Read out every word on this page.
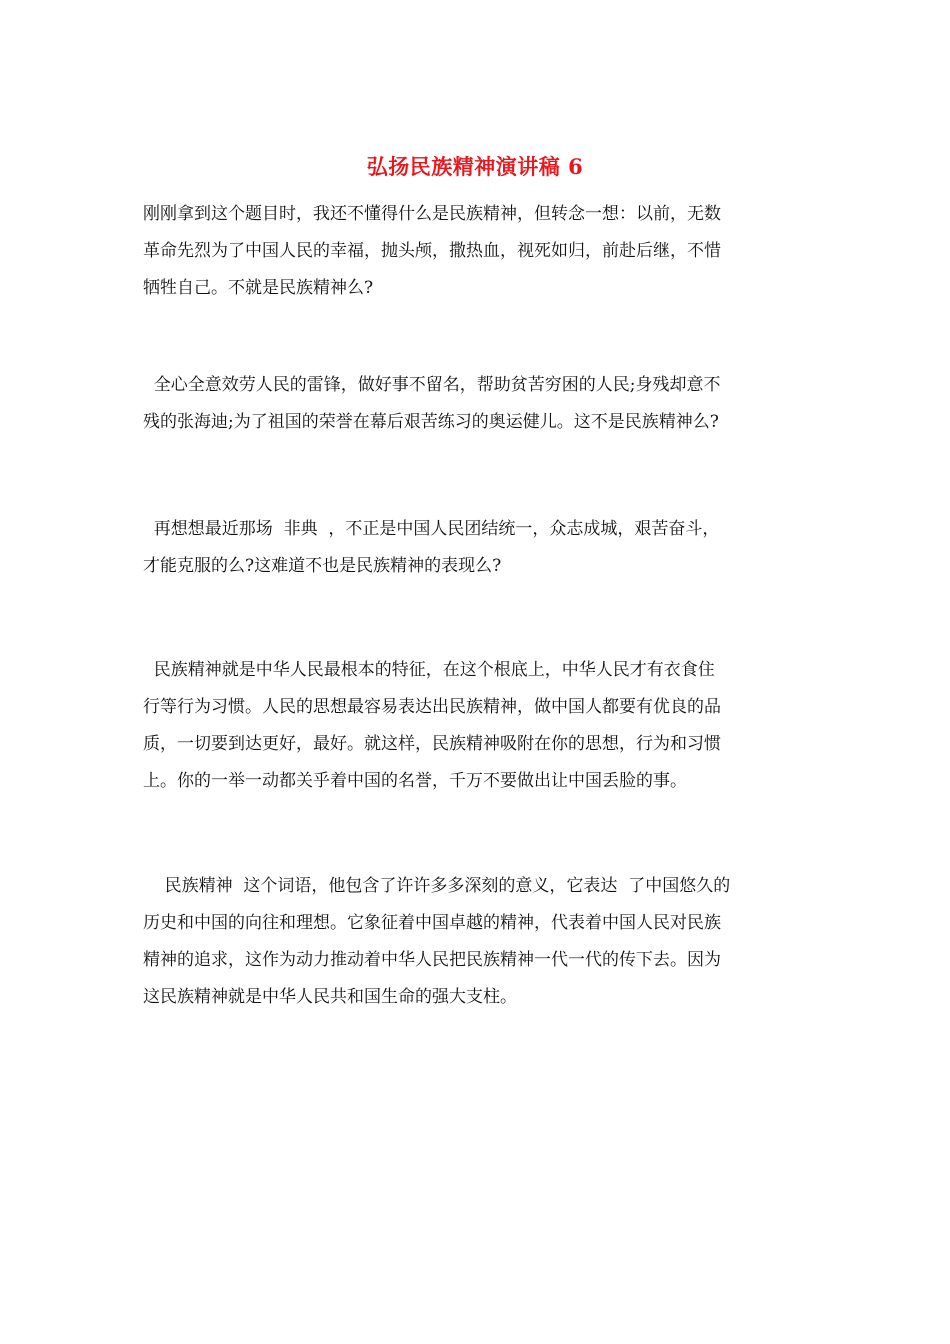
弘扬民族精神演讲稿 6
刚刚拿到这个题目时，我还不懂得什么是民族精神，但转念一想：以前，无数
革命先烈为了中国人民的幸福，抛头颅，撒热血，视死如归，前赴后继，不惜
牺牲自己。不就是民族精神么?
全心全意效劳人民的雷锋，做好事不留名，帮助贫苦穷困的人民;身残却意不
残的张海迪;为了祖国的荣誉在幕后艰苦练习的奥运健儿。这不是民族精神么?
再想想最近那场  非典  ，不正是中国人民团结统一，众志成城，艰苦奋斗，
才能克服的么?这难道不也是民族精神的表现么?
民族精神就是中华人民最根本的特征，在这个根底上，中华人民才有衣食住
行等行为习惯。人民的思想最容易表达出民族精神，做中国人都要有优良的品
质，一切要到达更好，最好。就这样，民族精神吸附在你的思想，行为和习惯
上。你的一举一动都关乎着中国的名誉，千万不要做出让中国丢脸的事。
民族精神  这个词语，他包含了许许多多深刻的意义，它表达  了中国悠久的
历史和中国的向往和理想。它象征着中国卓越的精神，代表着中国人民对民族
精神的追求，这作为动力推动着中华人民把民族精神一代一代的传下去。因为
这民族精神就是中华人民共和国生命的强大支柱。
